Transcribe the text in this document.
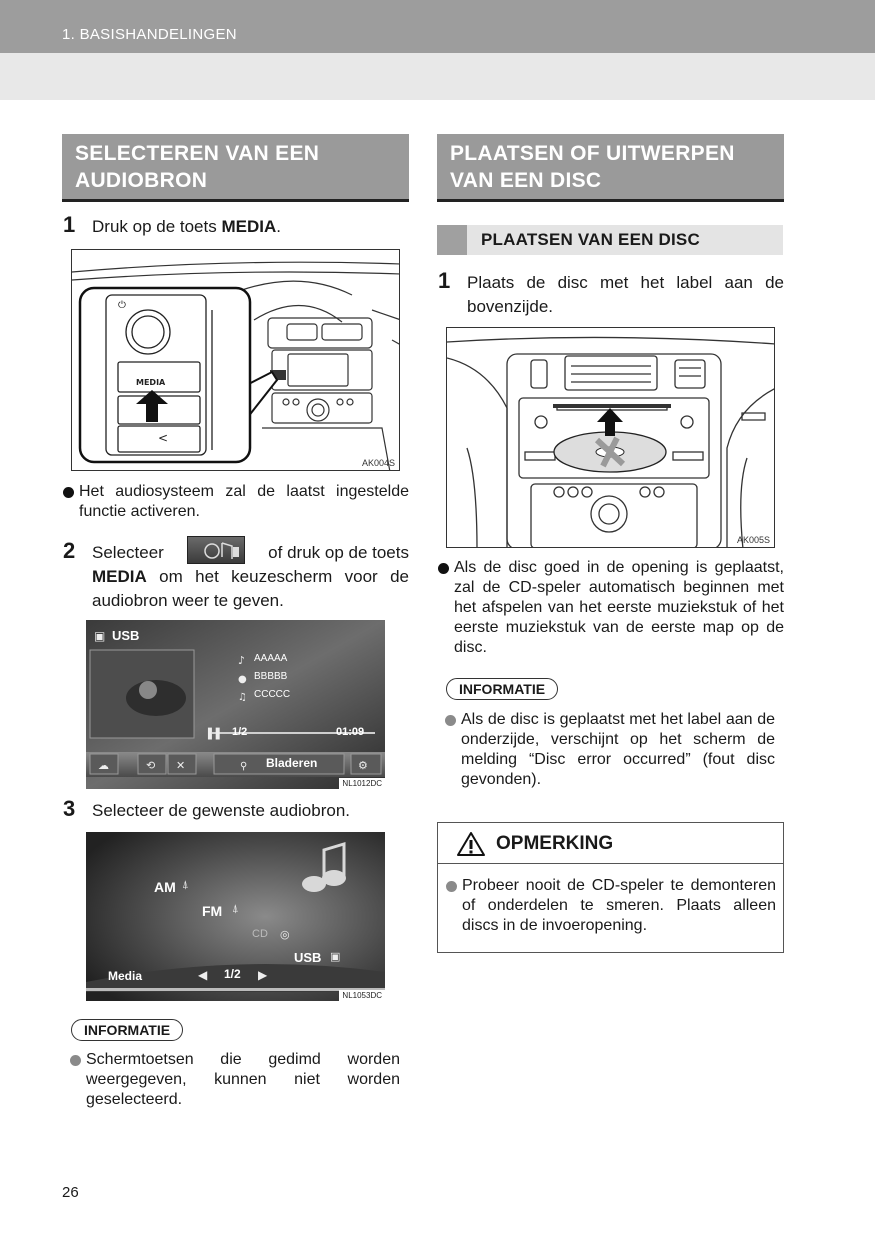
1. BASISHANDELINGEN
SELECTEREN VAN EEN
AUDIOBRON
1 Druk op de toets MEDIA.
⏻
<
MEDIA
AK004S
Het audiosysteem zal de laatst ingestelde functie activeren.
2 Selecteer	of druk op de toets
MEDIA om het keuzescherm voor de audiobron weer te geven.
▣
♪
●
♫
▌▌
☁	⟲ ✕	⚲	⚙
USB
AAAAA
BBBBB
CCCCC
1/2	01:09
Bladeren
NL1012DC
3 Selecteer de gewenste audiobron.
⍋
⍋
◎
▣
◀	▶
AM
FM
CD
USB
Media	1/2
NL1053DC
INFORMATIE
Schermtoetsen die gedimd worden weergegeven, kunnen niet worden geselecteerd.
PLAATSEN OF UITWERPEN
VAN EEN DISC
PLAATSEN VAN EEN DISC
1 Plaats de disc met het label aan de bovenzijde.
AK005S
Als de disc goed in de opening is geplaatst, zal de CD-speler automatisch beginnen met het afspelen van het eerste muziekstuk of het eerste muziekstuk van de eerste map op de disc.
INFORMATIE
Als de disc is geplaatst met het label aan de onderzijde, verschijnt op het scherm de melding “Disc error occurred” (fout disc gevonden).
OPMERKING
Probeer nooit de CD-speler te demonteren of onderdelen te smeren. Plaats alleen discs in de invoeropening.
26
